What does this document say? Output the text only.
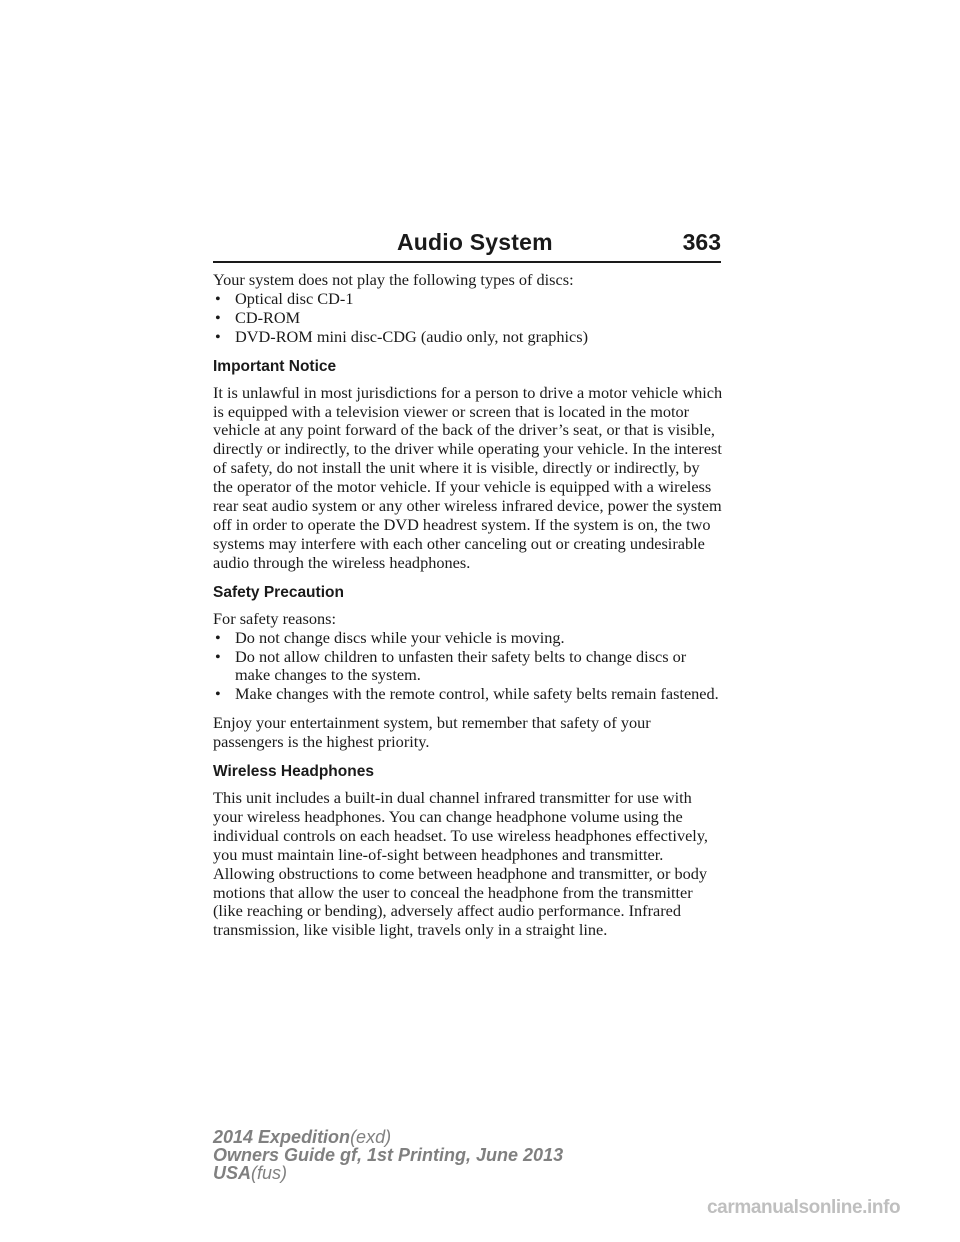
Audio System	363

Your system does not play the following types of discs:

• Optical disc CD-1
• CD-ROM
• DVD-ROM mini disc-CDG (audio only, not graphics)
Important Notice

It is unlawful in most jurisdictions for a person to drive a motor vehicle which is equipped with a television viewer or screen that is located in the motor vehicle at any point forward of the back of the driver’s seat, or that is visible, directly or indirectly, to the driver while operating your vehicle. In the interest of safety, do not install the unit where it is visible, directly or indirectly, by the operator of the motor vehicle. If your vehicle is equipped with a wireless rear seat audio system or any other wireless infrared device, power the system off in order to operate the DVD headrest system. If the system is on, the two systems may interfere with each other canceling out or creating undesirable audio through the wireless headphones.

Safety Precaution

For safety reasons:

• Do not change discs while your vehicle is moving.
• Do not allow children to unfasten their safety belts to change discs or make changes to the system.
• Make changes with the remote control, while safety belts remain fastened.

Enjoy your entertainment system, but remember that safety of your passengers is the highest priority.

Wireless Headphones

This unit includes a built-in dual channel infrared transmitter for use with your wireless headphones. You can change headphone volume using the individual controls on each headset. To use wireless headphones effectively, you must maintain line-of-sight between headphones and transmitter. Allowing obstructions to come between headphone and transmitter, or body motions that allow the user to conceal the headphone from the transmitter (like reaching or bending), adversely affect audio performance. Infrared transmission, like visible light, travels only in a straight line.

2014 Expedition(exd)
Owners Guide gf, 1st Printing, June 2013
USA(fus)
carmanualsonline.info
